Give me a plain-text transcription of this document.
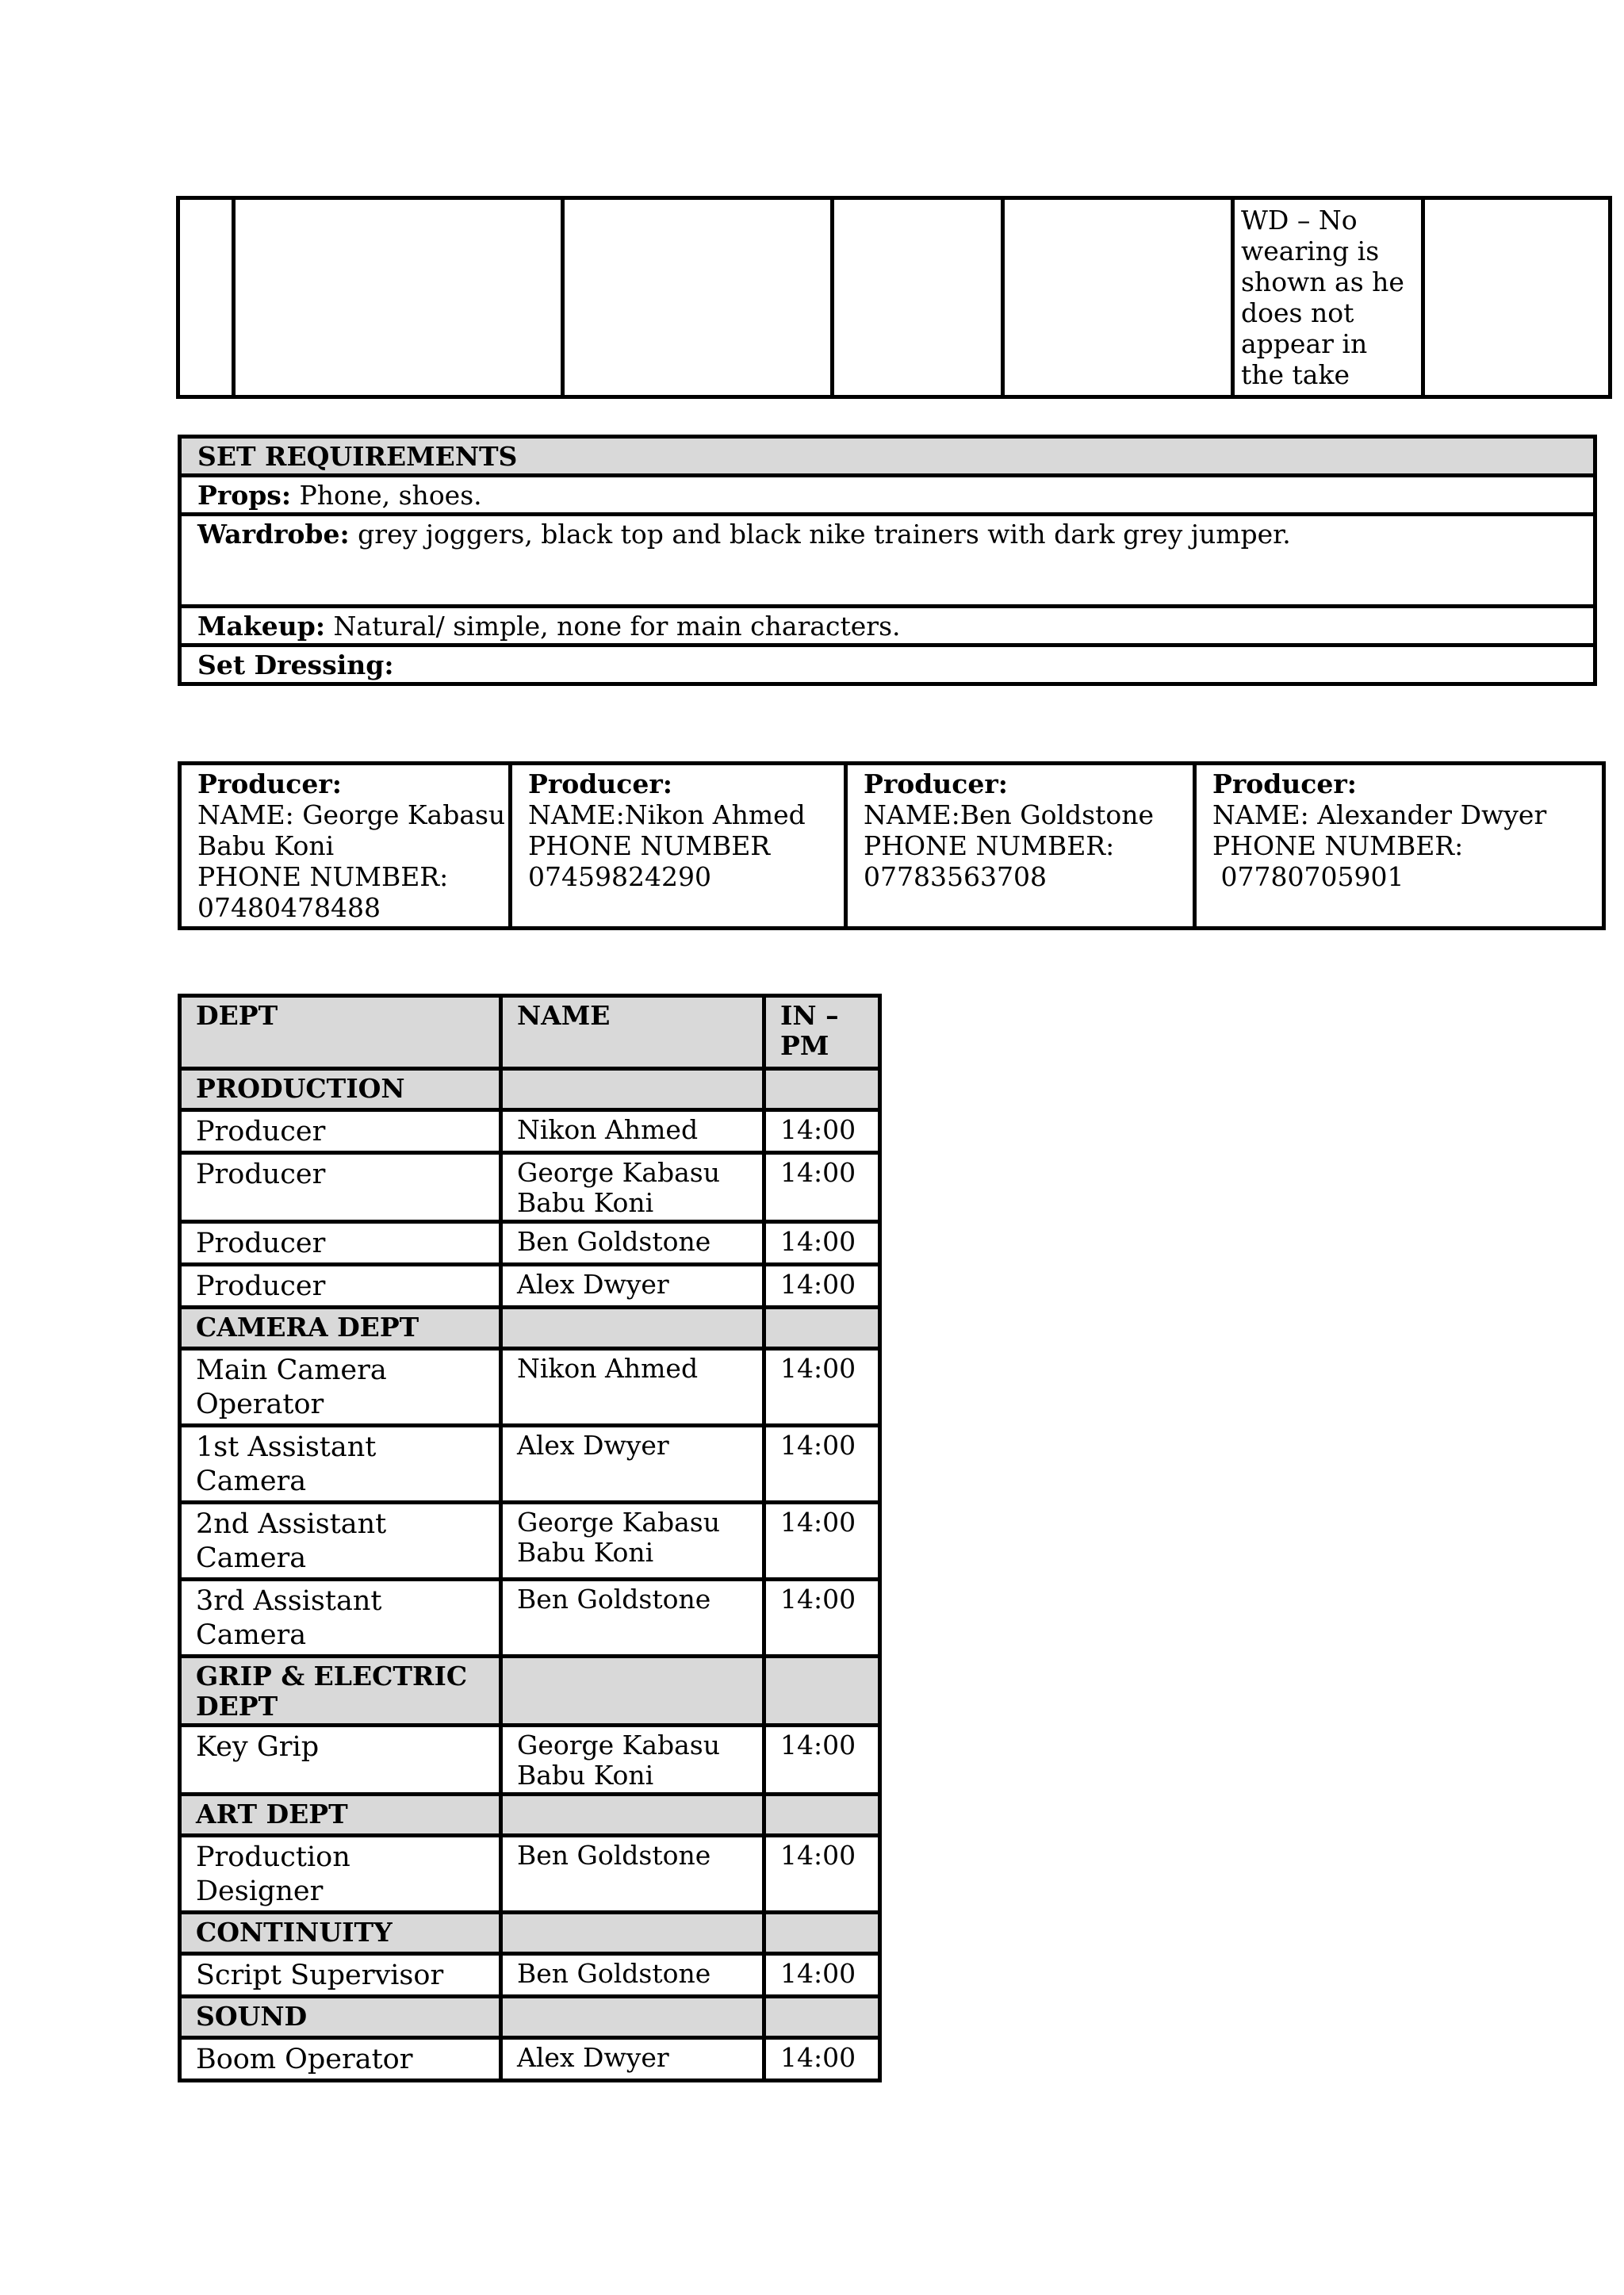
					WD – No wearing is shown as he does not appear in the take	
SET REQUIREMENTS
Props: Phone, shoes.
Wardrobe: grey joggers, black top and black nike trainers with dark grey jumper.
Makeup: Natural/ simple, none for main characters.
Set Dressing:
Producer:
NAME: George Kabasu
Babu Koni
PHONE NUMBER:
07480478488

Producer:
NAME:Nikon Ahmed
PHONE NUMBER
07459824290

Producer:
NAME:Ben Goldstone
PHONE NUMBER:
07783563708

Producer:
NAME: Alexander Dwyer
PHONE NUMBER:
07780705901
DEPT	NAME	IN –
PM
PRODUCTION		
Producer	Nikon Ahmed	14:00
Producer	George Kabasu
Babu Koni	14:00
Producer	Ben Goldstone	14:00
Producer	Alex Dwyer	14:00
CAMERA DEPT		
Main Camera
Operator	Nikon Ahmed	14:00
1st Assistant Camera	Alex Dwyer	14:00
2nd Assistant
Camera	George Kabasu
Babu Koni	14:00
3rd Assistant Camera	Ben Goldstone	14:00
GRIP & ELECTRIC
DEPT		
Key Grip	George Kabasu
Babu Koni	14:00
ART DEPT		
Production Designer	Ben Goldstone	14:00
CONTINUITY		
Script Supervisor	Ben Goldstone	14:00
SOUND		
Boom Operator	Alex Dwyer	14:00
